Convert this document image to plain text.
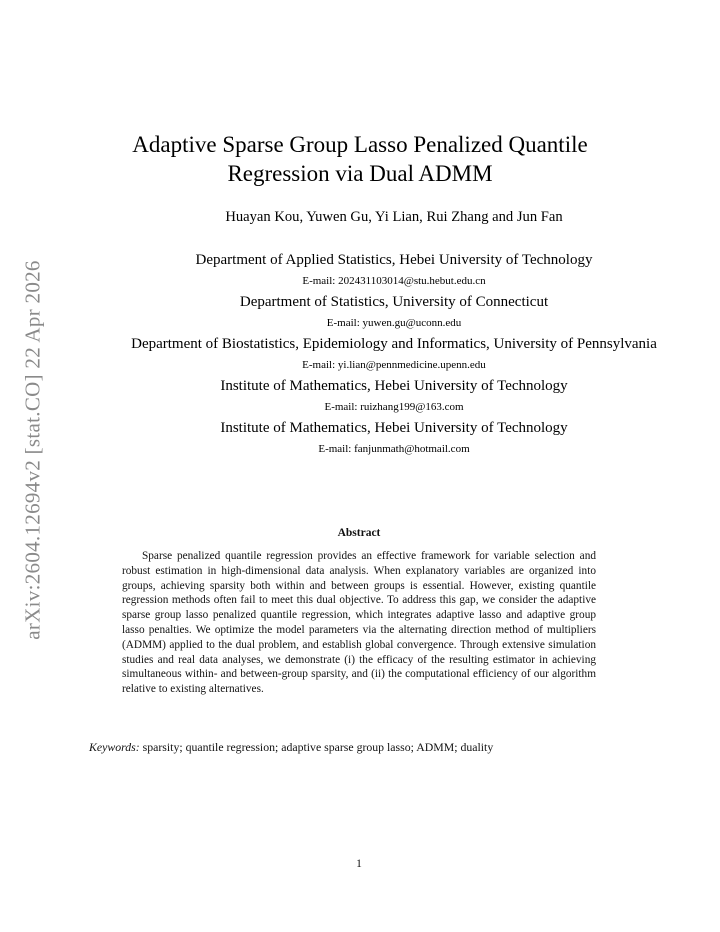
arXiv:2604.12694v2 [stat.CO] 22 Apr 2026
Adaptive Sparse Group Lasso Penalized Quantile
Regression via Dual ADMM
Huayan Kou, Yuwen Gu, Yi Lian, Rui Zhang and Jun Fan
Department of Applied Statistics, Hebei University of Technology
E-mail: 202431103014@stu.hebut.edu.cn
Department of Statistics, University of Connecticut
E-mail: yuwen.gu@uconn.edu
Department of Biostatistics, Epidemiology and Informatics, University of Pennsylvania
E-mail: yi.lian@pennmedicine.upenn.edu
Institute of Mathematics, Hebei University of Technology
E-mail: ruizhang199@163.com
Institute of Mathematics, Hebei University of Technology
E-mail: fanjunmath@hotmail.com
Abstract

Sparse penalized quantile regression provides an effective framework for variable selection and robust estimation in high-dimensional data analysis. When explanatory variables are organized into groups, achieving sparsity both within and between groups is essential. However, existing quantile regression methods often fail to meet this dual objective. To address this gap, we consider the adaptive sparse group lasso penalized quantile regression, which integrates adaptive lasso and adaptive group lasso penalties. We optimize the model parameters via the alternating direction method of multipliers (ADMM) applied to the dual problem, and establish global convergence. Through extensive simulation studies and real data analyses, we demonstrate (i) the efficacy of the resulting estimator in achieving simultaneous within- and between-group sparsity, and (ii) the computational efficiency of our algorithm relative to existing alternatives.

Keywords: sparsity; quantile regression; adaptive sparse group lasso; ADMM; duality
1
